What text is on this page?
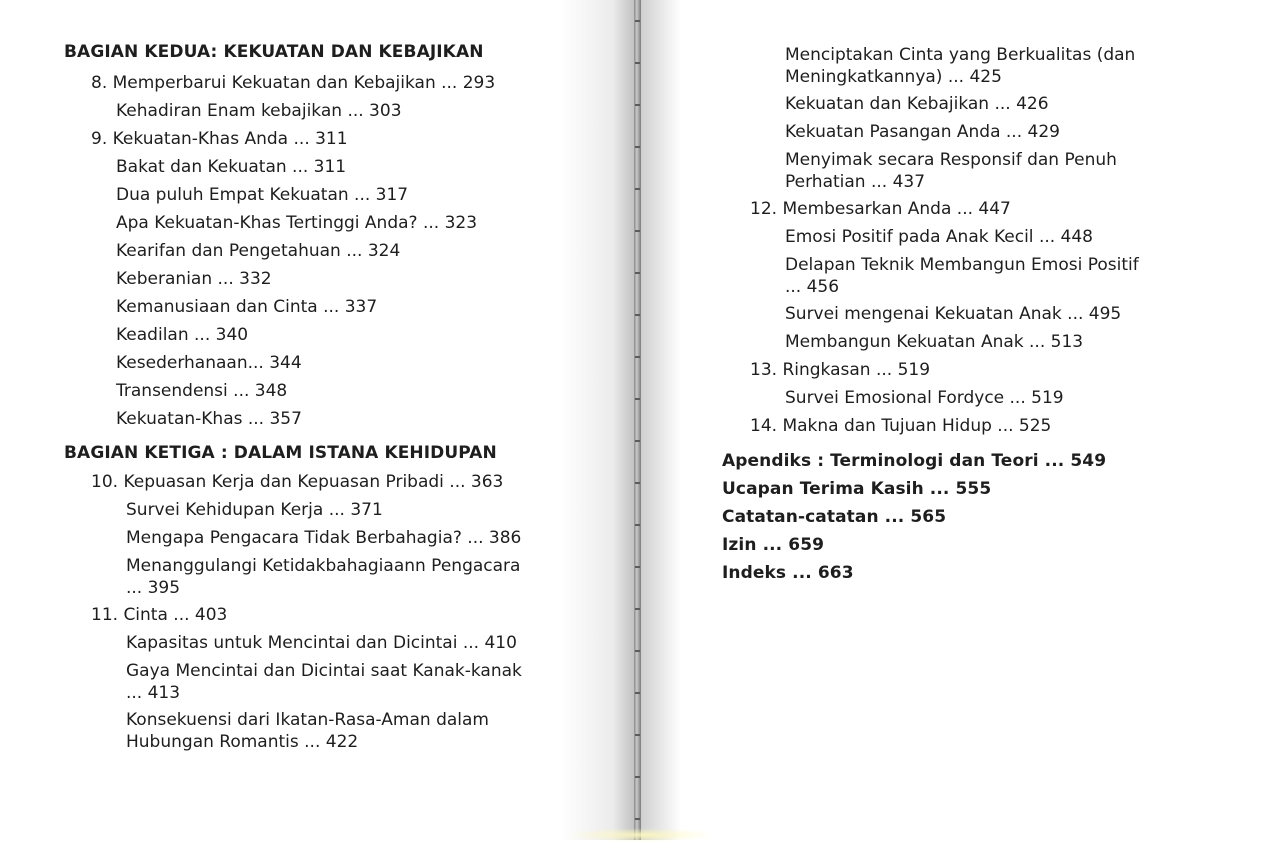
BAGIAN KEDUA: KEKUATAN DAN KEBAJIKAN
8. Memperbarui Kekuatan dan Kebajikan ... 293
Kehadiran Enam kebajikan ... 303
9. Kekuatan-Khas Anda ... 311
Bakat dan Kekuatan ... 311
Dua puluh Empat Kekuatan ... 317
Apa Kekuatan-Khas Tertinggi Anda? ... 323
Kearifan dan Pengetahuan ... 324
Keberanian ... 332
Kemanusiaan dan Cinta ... 337
Keadilan ... 340
Kesederhanaan... 344
Transendensi ... 348
Kekuatan-Khas ... 357
BAGIAN KETIGA : DALAM ISTANA KEHIDUPAN
10. Kepuasan Kerja dan Kepuasan Pribadi ... 363
Survei Kehidupan Kerja ... 371
Mengapa Pengacara Tidak Berbahagia? ... 386
Menanggulangi Ketidakbahagiaann Pengacara
... 395
11. Cinta ... 403
Kapasitas untuk Mencintai dan Dicintai ... 410
Gaya Mencintai dan Dicintai saat Kanak-kanak
... 413
Konsekuensi dari Ikatan-Rasa-Aman dalam
Hubungan Romantis ... 422
Menciptakan Cinta yang Berkualitas (dan
Meningkatkannya) ... 425
Kekuatan dan Kebajikan ... 426
Kekuatan Pasangan Anda ... 429
Menyimak secara Responsif dan Penuh
Perhatian ... 437
12. Membesarkan Anda ... 447
Emosi Positif pada Anak Kecil ... 448
Delapan Teknik Membangun Emosi Positif
... 456
Survei mengenai Kekuatan Anak ... 495
Membangun Kekuatan Anak ... 513
13. Ringkasan ... 519
Survei Emosional Fordyce ... 519
14. Makna dan Tujuan Hidup ... 525
Apendiks : Terminologi dan Teori ... 549
Ucapan Terima Kasih ... 555
Catatan-catatan ... 565
Izin ... 659
Indeks ... 663
